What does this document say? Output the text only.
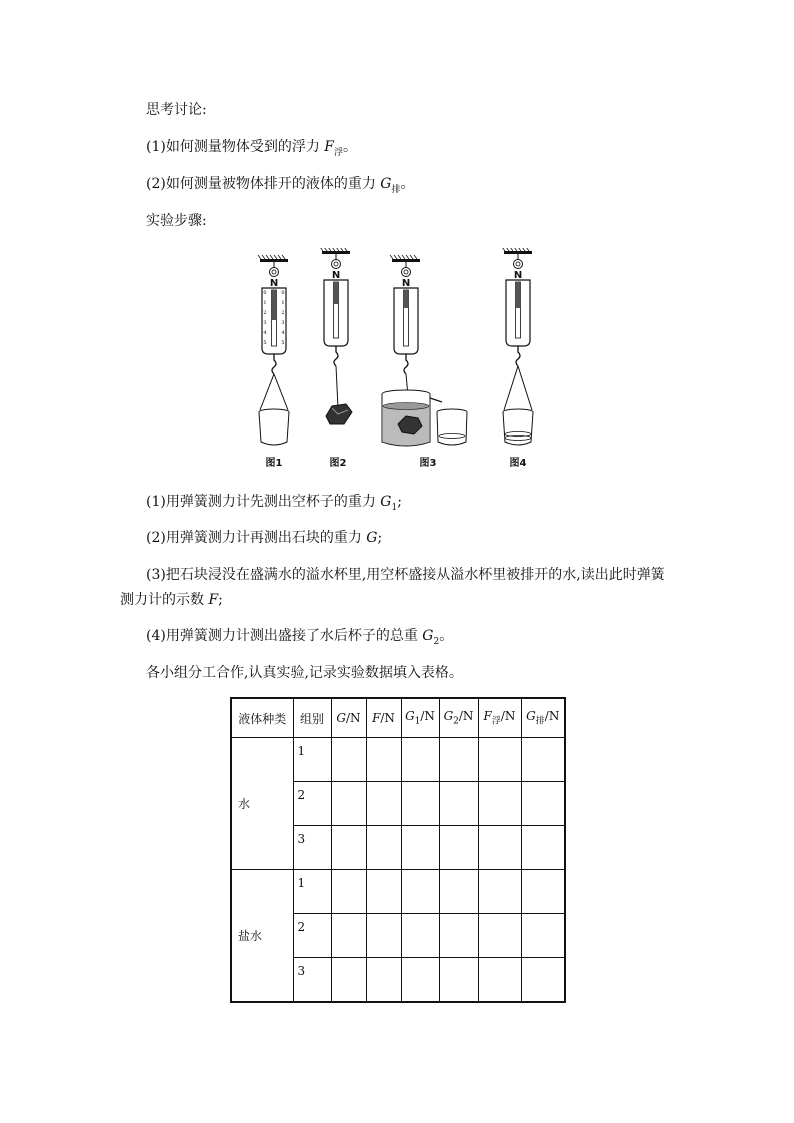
思考讨论:
(1)如何测量物体受到的浮力 $F_浮$。
(2)如何测量被物体排开的液体的重力 $G_排$。
实验步骤:
N
0
1
2
3
4
5
0
1
2
3
4
5
N
N
N
图1	图2	图3	图4
(1)用弹簧测力计先测出空杯子的重力 $G_1$;
(2)用弹簧测力计再测出石块的重力 G;
(3)把石块浸没在盛满水的溢水杯里,用空杯盛接从溢水杯里被排开的水,读出此时弹簧
测力计的示数 F;
(4)用弹簧测力计测出盛接了水后杯子的总重 $G_2$。
各小组分工合作,认真实验,记录实验数据填入表格。
液体种类	组别	G/N	F/N	$G_1/N$	$G_2/N$	$F_浮/N$	$G_排/N$
水	1						
	2						
	3						
盐水	1						
	2						
	3						
